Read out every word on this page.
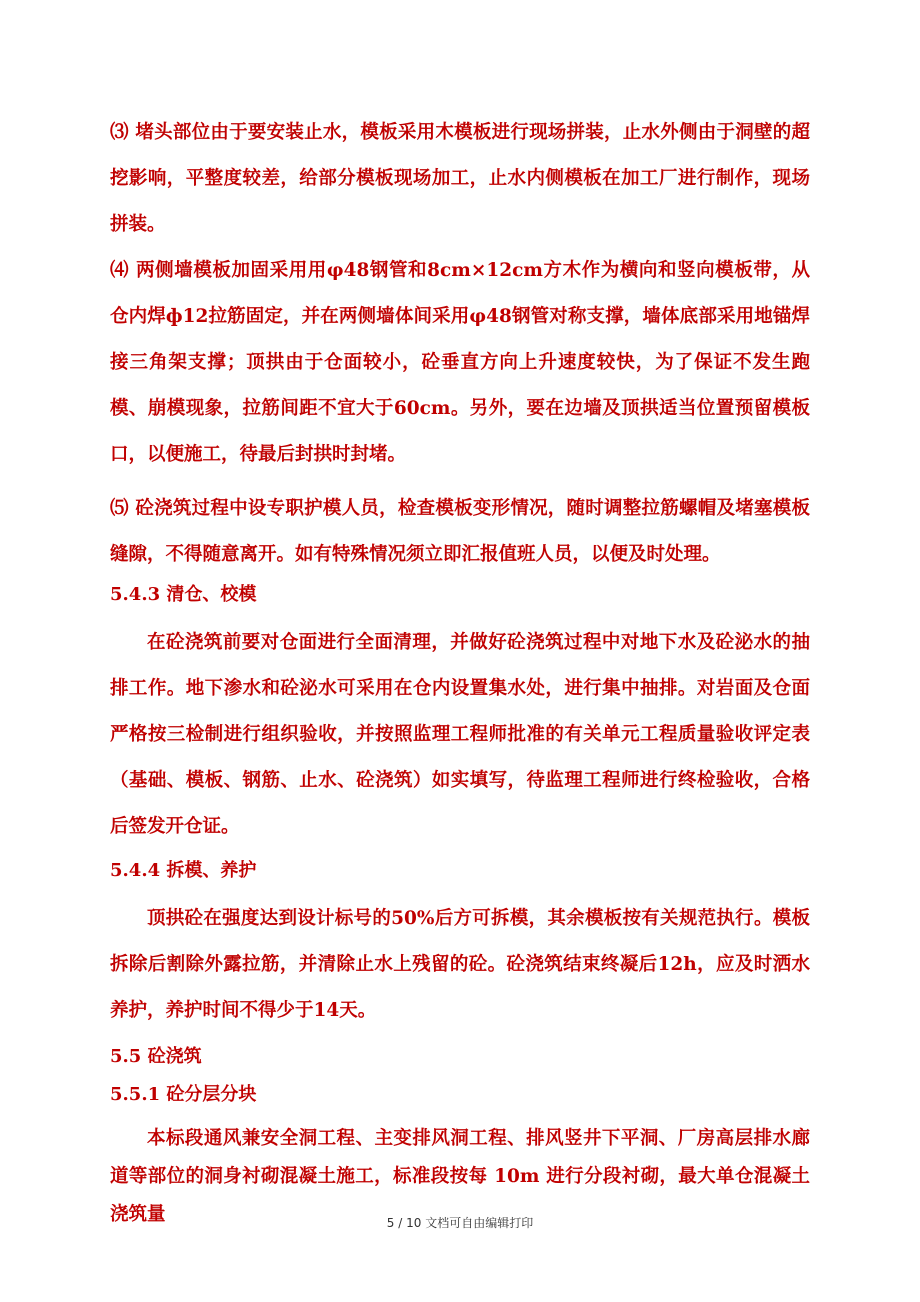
⑶ 堵头部位由于要安装止水，模板采用木模板进行现场拼装，止水外侧由于洞壁的超挖影响，平整度较差，给部分模板现场加工，止水内侧模板在加工厂进行制作，现场拼装。

⑷ 两侧墙模板加固采用用φ48钢管和8cm×12cm方木作为横向和竖向模板带，从仓内焊ф12拉筋固定，并在两侧墙体间采用φ48钢管对称支撑，墙体底部采用地锚焊接三角架支撑；顶拱由于仓面较小，砼垂直方向上升速度较快，为了保证不发生跑模、崩模现象，拉筋间距不宜大于60cm。另外，要在边墙及顶拱适当位置预留模板口，以便施工，待最后封拱时封堵。

⑸ 砼浇筑过程中设专职护模人员，检查模板变形情况，随时调整拉筋螺帽及堵塞模板缝隙，不得随意离开。如有特殊情况须立即汇报值班人员，以便及时处理。

5.4.3 清仓、校模

在砼浇筑前要对仓面进行全面清理，并做好砼浇筑过程中对地下水及砼泌水的抽排工作。地下渗水和砼泌水可采用在仓内设置集水处，进行集中抽排。对岩面及仓面严格按三检制进行组织验收，并按照监理工程师批准的有关单元工程质量验收评定表（基础、模板、钢筋、止水、砼浇筑）如实填写，待监理工程师进行终检验收，合格后签发开仓证。

5.4.4 拆模、养护

顶拱砼在强度达到设计标号的50%后方可拆模，其余模板按有关规范执行。模板拆除后割除外露拉筋，并清除止水上残留的砼。砼浇筑结束终凝后12h，应及时洒水养护，养护时间不得少于14天。

5.5 砼浇筑
5.5.1 砼分层分块

本标段通风兼安全洞工程、主变排风洞工程、排风竖井下平洞、厂房高层排水廊道等部位的洞身衬砌混凝土施工，标准段按每 10m 进行分段衬砌，最大单仓混凝土浇筑量	5 / 10 文档可自由编辑打印
